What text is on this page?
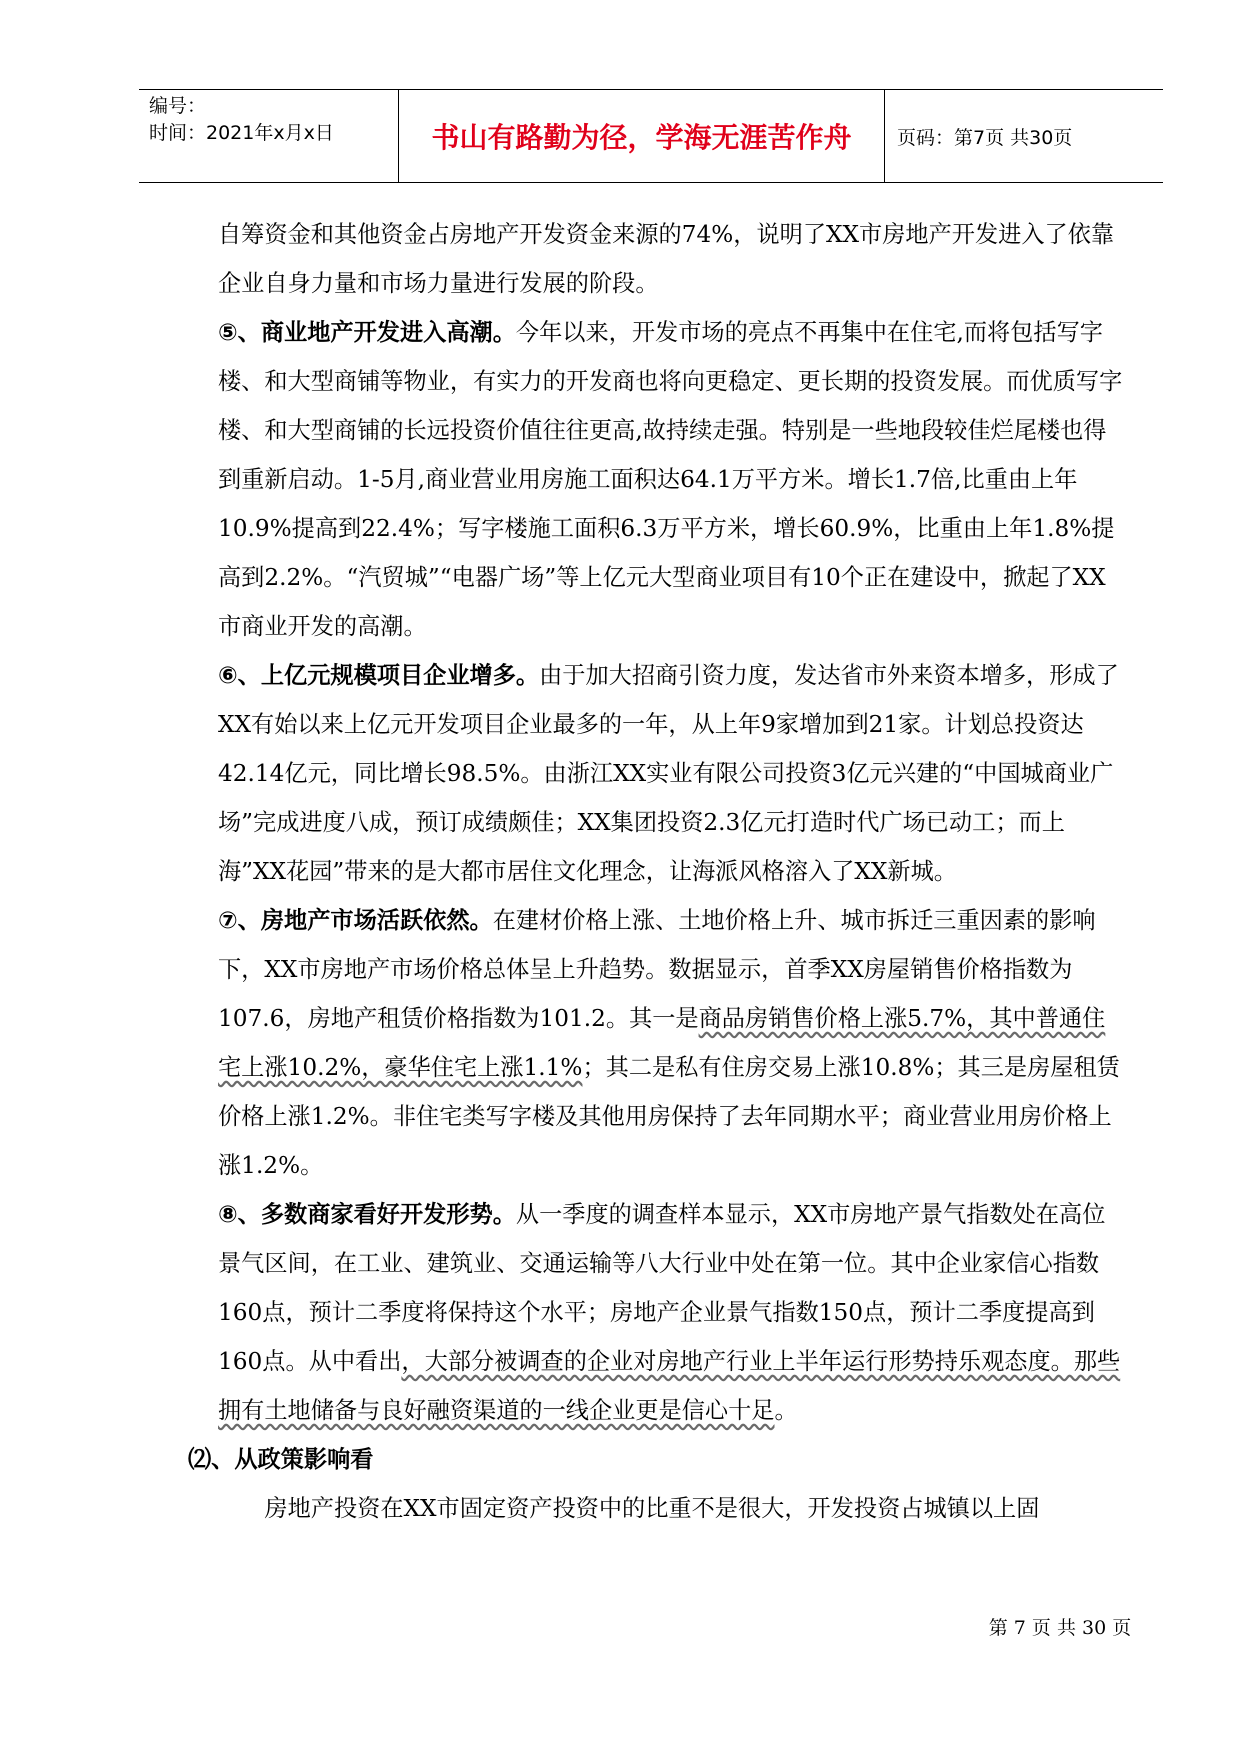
编号：
时间：2021年x月x日	书山有路勤为径，学海无涯苦作舟 页码：第7页 共30页

自筹资金和其他资金占房地产开发资金来源的74%，说明了XX市房地产开发进入了依靠企业自身力量和市场力量进行发展的阶段。

⑤、商业地产开发进入高潮。今年以来，开发市场的亮点不再集中在住宅,而将包括写字楼、和大型商铺等物业，有实力的开发商也将向更稳定、更长期的投资发展。而优质写字楼、和大型商铺的长远投资价值往往更高,故持续走强。特别是一些地段较佳烂尾楼也得到重新启动。1-5月,商业营业用房施工面积达64.1万平方米。增长1.7倍,比重由上年10.9%提高到22.4%；写字楼施工面积6.3万平方米，增长60.9%，比重由上年1.8%提高到2.2%。“汽贸城”“电器广场”等上亿元大型商业项目有10个正在建设中，掀起了XX市商业开发的高潮。

⑥、上亿元规模项目企业增多。由于加大招商引资力度，发达省市外来资本增多，形成了XX有始以来上亿元开发项目企业最多的一年，从上年9家增加到21家。计划总投资达42.14亿元，同比增长98.5%。由浙江XX实业有限公司投资3亿元兴建的“中国城商业广场”完成进度八成，预订成绩颇佳；XX集团投资2.3亿元打造时代广场已动工；而上海”XX花园”带来的是大都市居住文化理念，让海派风格溶入了XX新城。

⑦、房地产市场活跃依然。在建材价格上涨、土地价格上升、城市拆迁三重因素的影响下，XX市房地产市场价格总体呈上升趋势。数据显示，首季XX房屋销售价格指数为107.6，房地产租赁价格指数为101.2。其一是商品房销售价格上涨5.7%，其中普通住宅上涨10.2%，豪华住宅上涨1.1%；其二是私有住房交易上涨10.8%；其三是房屋租赁价格上涨1.2%。非住宅类写字楼及其他用房保持了去年同期水平；商业营业用房价格上涨1.2%。

⑧、多数商家看好开发形势。从一季度的调查样本显示，XX市房地产景气指数处在高位景气区间，在工业、建筑业、交通运输等八大行业中处在第一位。其中企业家信心指数160点，预计二季度将保持这个水平；房地产企业景气指数150点，预计二季度提高到160点。从中看出，大部分被调查的企业对房地产行业上半年运行形势持乐观态度。那些拥有土地储备与良好融资渠道的一线企业更是信心十足。

⑵、从政策影响看

房地产投资在XX市固定资产投资中的比重不是很大，开发投资占城镇以上固

第 7 页 共 30 页
